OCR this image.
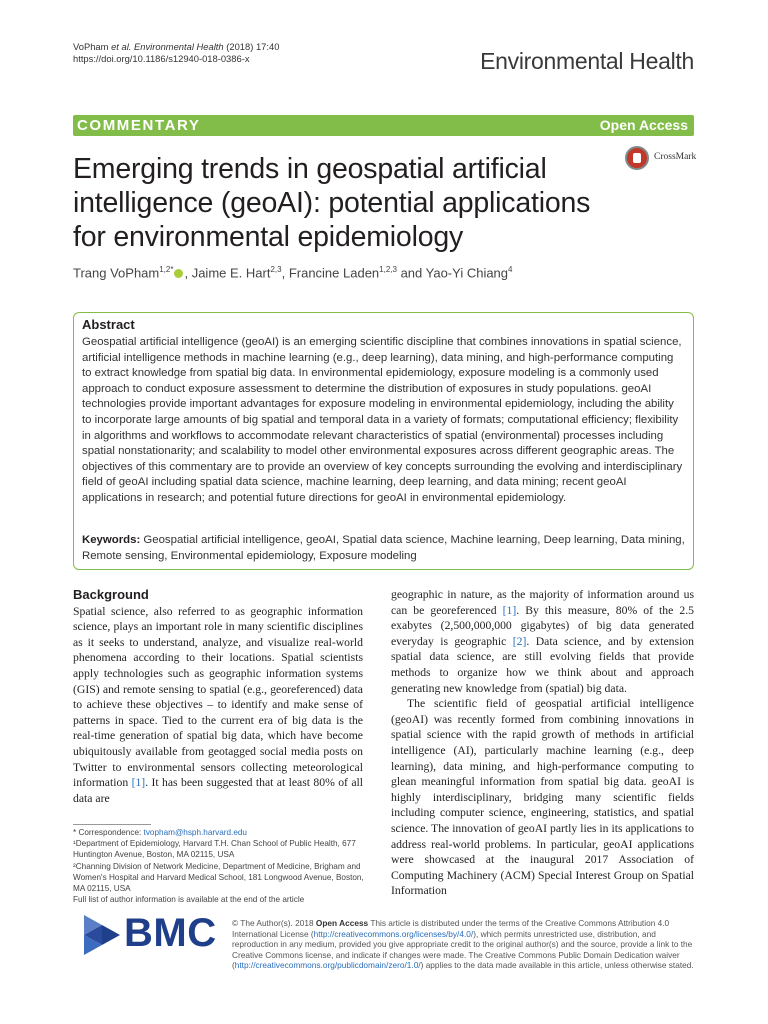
VoPham et al. Environmental Health (2018) 17:40
https://doi.org/10.1186/s12940-018-0386-x	Environmental Health
COMMENTARY	Open Access
CrossMark
Emerging trends in geospatial artificial intelligence (geoAI): potential applications for environmental epidemiology
Trang VoPham$^{1,2*}$ , Jaime E. Hart$^{2,3}$, Francine Laden$^{1,2,3}$ and Yao-Yi Chiang$^4$
Abstract
Geospatial artificial intelligence (geoAI) is an emerging scientific discipline that combines innovations in spatial science, artificial intelligence methods in machine learning (e.g., deep learning), data mining, and high-performance computing to extract knowledge from spatial big data. In environmental epidemiology, exposure modeling is a commonly used approach to conduct exposure assessment to determine the distribution of exposures in study populations. geoAI technologies provide important advantages for exposure modeling in environmental epidemiology, including the ability to incorporate large amounts of big spatial and temporal data in a variety of formats; computational efficiency; flexibility in algorithms and workflows to accommodate relevant characteristics of spatial (environmental) processes including spatial nonstationarity; and scalability to model other environmental exposures across different geographic areas. The objectives of this commentary are to provide an overview of key concepts surrounding the evolving and interdisciplinary field of geoAI including spatial data science, machine learning, deep learning, and data mining; recent geoAI applications in research; and potential future directions for geoAI in environmental epidemiology.
Keywords: Geospatial artificial intelligence, geoAI, Spatial data science, Machine learning, Deep learning, Data mining, Remote sensing, Environmental epidemiology, Exposure modeling
Background

Spatial science, also referred to as geographic information science, plays an important role in many scientific disciplines as it seeks to understand, analyze, and visualize real-world phenomena according to their locations. Spatial scientists apply technologies such as geographic information systems (GIS) and remote sensing to spatial (e.g., georeferenced) data to achieve these objectives – to identify and make sense of patterns in space. Tied to the current era of big data is the real-time generation of spatial big data, which have become ubiquitously available from geotagged social media posts on Twitter to environmental sensors collecting meteorological information [1]. It has been suggested that at least 80% of all data are

geographic in nature, as the majority of information around us can be georeferenced [1]. By this measure, 80% of the 2.5 exabytes (2,500,000,000 gigabytes) of big data generated everyday is geographic [2]. Data science, and by extension spatial data science, are still evolving fields that provide methods to organize how we think about and approach generating new knowledge from (spatial) big data.

The scientific field of geospatial artificial intelligence (geoAI) was recently formed from combining innovations in spatial science with the rapid growth of methods in artificial intelligence (AI), particularly machine learning (e.g., deep learning), data mining, and high-performance computing to glean meaningful information from spatial big data. geoAI is highly interdisciplinary, bridging many scientific fields including computer science, engineering, statistics, and spatial science. The innovation of geoAI partly lies in its applications to address real-world problems. In particular, geoAI applications were showcased at the inaugural 2017 Association of Computing Machinery (ACM) Special Interest Group on Spatial Information

* Correspondence: tvopham@hsph.harvard.edu
¹Department of Epidemiology, Harvard T.H. Chan School of Public Health, 677 Huntington Avenue, Boston, MA 02115, USA
²Channing Division of Network Medicine, Department of Medicine, Brigham and Women's Hospital and Harvard Medical School, 181 Longwood Avenue, Boston, MA 02115, USA
Full list of author information is available at the end of the article
BMC © The Author(s). 2018 Open Access This article is distributed under the terms of the Creative Commons Attribution 4.0 International License (http://creativecommons.org/licenses/by/4.0/), which permits unrestricted use, distribution, and reproduction in any medium, provided you give appropriate credit to the original author(s) and the source, provide a link to the Creative Commons license, and indicate if changes were made. The Creative Commons Public Domain Dedication waiver (http://creativecommons.org/publicdomain/zero/1.0/) applies to the data made available in this article, unless otherwise stated.
